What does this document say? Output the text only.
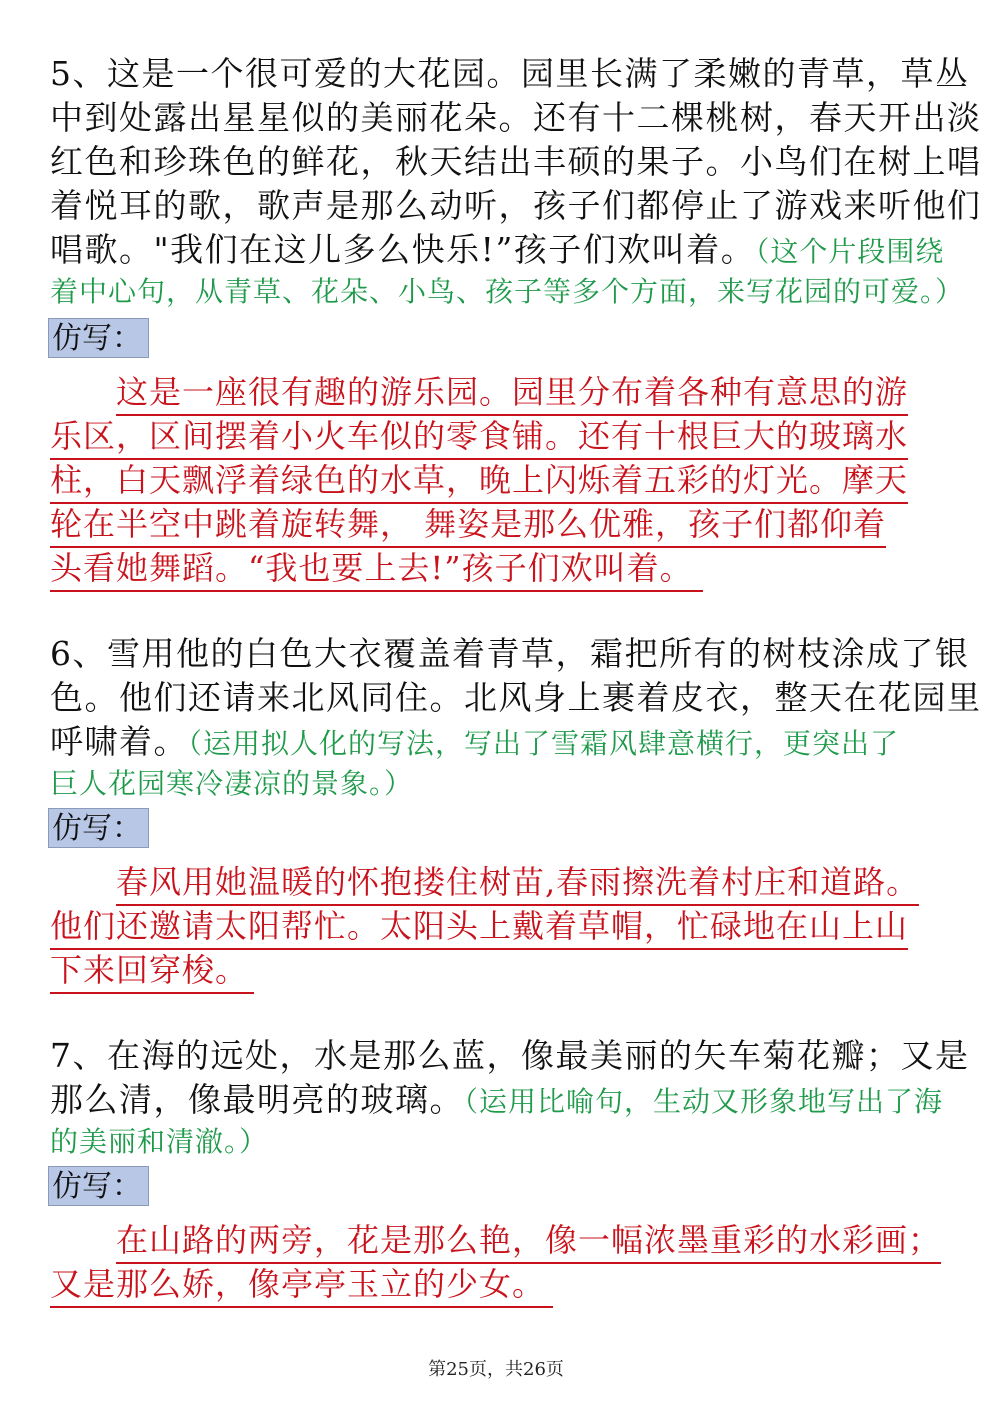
5、这是一个很可爱的大花园。园里长满了柔嫩的青草，草丛
中到处露出星星似的美丽花朵。还有十二棵桃树，春天开出淡
红色和珍珠色的鲜花，秋天结出丰硕的果子。小鸟们在树上唱
着悦耳的歌，歌声是那么动听，孩子们都停止了游戏来听他们
唱歌。"我们在这儿多么快乐!”孩子们欢叫着。（这个片段围绕
着中心句，从青草、花朵、小鸟、孩子等多个方面，来写花园的可爱。）
仿写：
这是一座很有趣的游乐园。园里分布着各种有意思的游
乐区，区间摆着小火车似的零食铺。还有十根巨大的玻璃水
柱，白天飘浮着绿色的水草，晚上闪烁着五彩的灯光。摩天
轮在半空中跳着旋转舞， 舞姿是那么优雅，孩子们都仰着
头看她舞蹈。“我也要上去!”孩子们欢叫着。
6、雪用他的白色大衣覆盖着青草，霜把所有的树枝涂成了银
色。他们还请来北风同住。北风身上裹着皮衣，整天在花园里
呼啸着。（运用拟人化的写法，写出了雪霜风肆意横行，更突出了
巨人花园寒冷凄凉的景象。）
仿写：
春风用她温暖的怀抱搂住树苗,春雨擦洗着村庄和道路。
他们还邀请太阳帮忙。太阳头上戴着草帽，忙碌地在山上山
下来回穿梭。
7、在海的远处，水是那么蓝，像最美丽的矢车菊花瓣；又是
那么清，像最明亮的玻璃。（运用比喻句，生动又形象地写出了海
的美丽和清澈。）
仿写：
在山路的两旁，花是那么艳，像一幅浓墨重彩的水彩画；
又是那么娇，像亭亭玉立的少女。
第25页，共26页
